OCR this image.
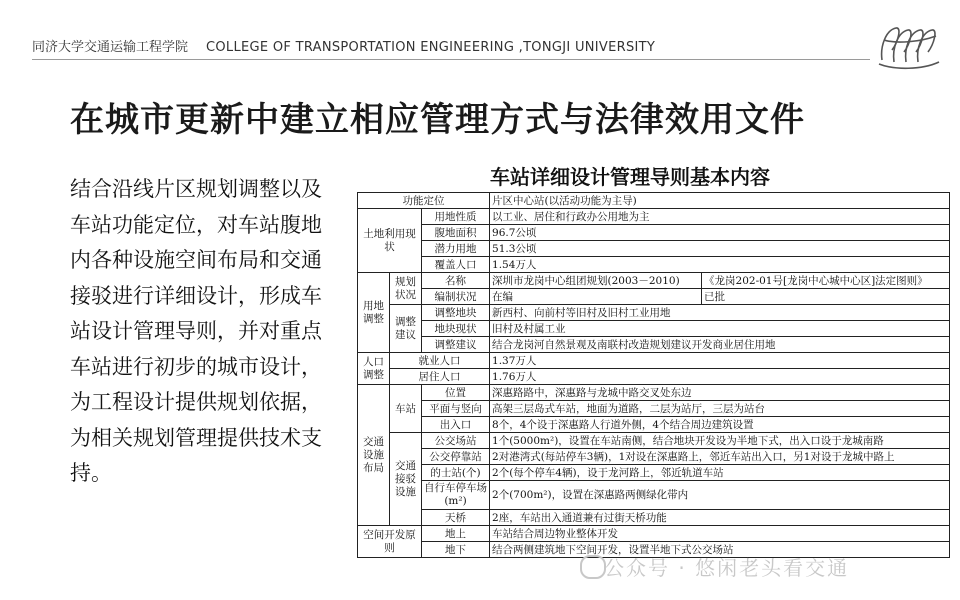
同济大学交通运输工程学院 COLLEGE OF TRANSPORTATION ENGINEERING ,TONGJI UNIVERSITY
在城市更新中建立相应管理方式与法律效用文件
结合沿线片区规划调整以及车站功能定位，对车站腹地内各种设施空间布局和交通接驳进行详细设计，形成车站设计管理导则，并对重点车站进行初步的城市设计，为工程设计提供规划依据，为相关规划管理提供技术支持。
车站详细设计管理导则基本内容
功能定位			片区中心站(以活动功能为主导)	
土地利用现状		用地性质	以工业、居住和行政办公用地为主	
		腹地面积	96.7公顷	
		潜力用地	51.3公顷	
		覆盖人口	1.54万人	
用地调整	规划状况	名称	深圳市龙岗中心组团规划(2003－2010)	《龙岗202-01号[龙岗中心城中心区]法定图则》
		编制状况	在编	已批
	调整建议	调整地块	新西村、向前村等旧村及旧村工业用地	
		地块现状	旧村及村属工业	
		调整建议	结合龙岗河自然景观及南联村改造规划建议开发商业居住用地	
人口调整	就业人口		1.37万人	
	居住人口		1.76万人	
交通设施布局	车站	位置	深惠路路中，深惠路与龙城中路交叉处东边	
		平面与竖向	高架三层岛式车站，地面为道路，二层为站厅，三层为站台	
		出入口	8个，4个设于深惠路人行道外侧，4个结合周边建筑设置	
	交通接驳设施	公交场站	1个(5000m²)，设置在车站南侧，结合地块开发设为半地下式，出入口设于龙城南路	
		公交停靠站	2对港湾式(每站停车3辆)，1对设在深惠路上，邻近车站出入口，另1对设于龙城中路上	
		的士站(个)	2个(每个停车4辆)，设于龙河路上，邻近轨道车站	
		自行车停车场(m²)	2个(700m²)，设置在深惠路两侧绿化带内	
		天桥	2座，车站出入通道兼有过街天桥功能	
空间开发原则		地上	车站结合周边物业整体开发	
		地下	结合两侧建筑地下空间开发，设置半地下式公交场站	
公众号 · 悠闲老头看交通
